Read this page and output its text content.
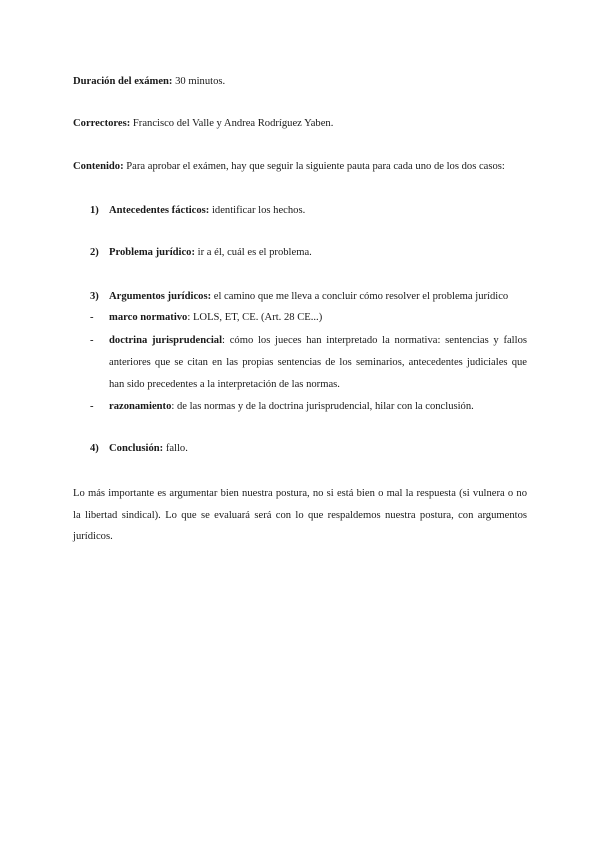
Duración del exámen: 30 minutos.
Correctores: Francisco del Valle y Andrea Rodríguez Yaben.
Contenido: Para aprobar el exámen, hay que seguir la siguiente pauta para cada uno de los dos casos:
1) Antecedentes fácticos: identificar los hechos.
2) Problema jurídico: ir a él, cuál es el problema.
3) Argumentos jurídicos: el camino que me lleva a concluir cómo resolver el problema jurídico
- marco normativo: LOLS, ET, CE. (Art. 28 CE...)
- doctrina jurisprudencial: cómo los jueces han interpretado la normativa: sentencias y fallos
anteriores que se citan en las propias sentencias de los seminarios, antecedentes judiciales que
han sido precedentes a la interpretación de las normas.
- razonamiento: de las normas y de la doctrina jurisprudencial, hilar con la conclusión.
4) Conclusión: fallo.
Lo más importante es argumentar bien nuestra postura, no si está bien o mal la respuesta (si vulnera o no
la libertad sindical). Lo que se evaluará será con lo que respaldemos nuestra postura, con argumentos
jurídicos.
